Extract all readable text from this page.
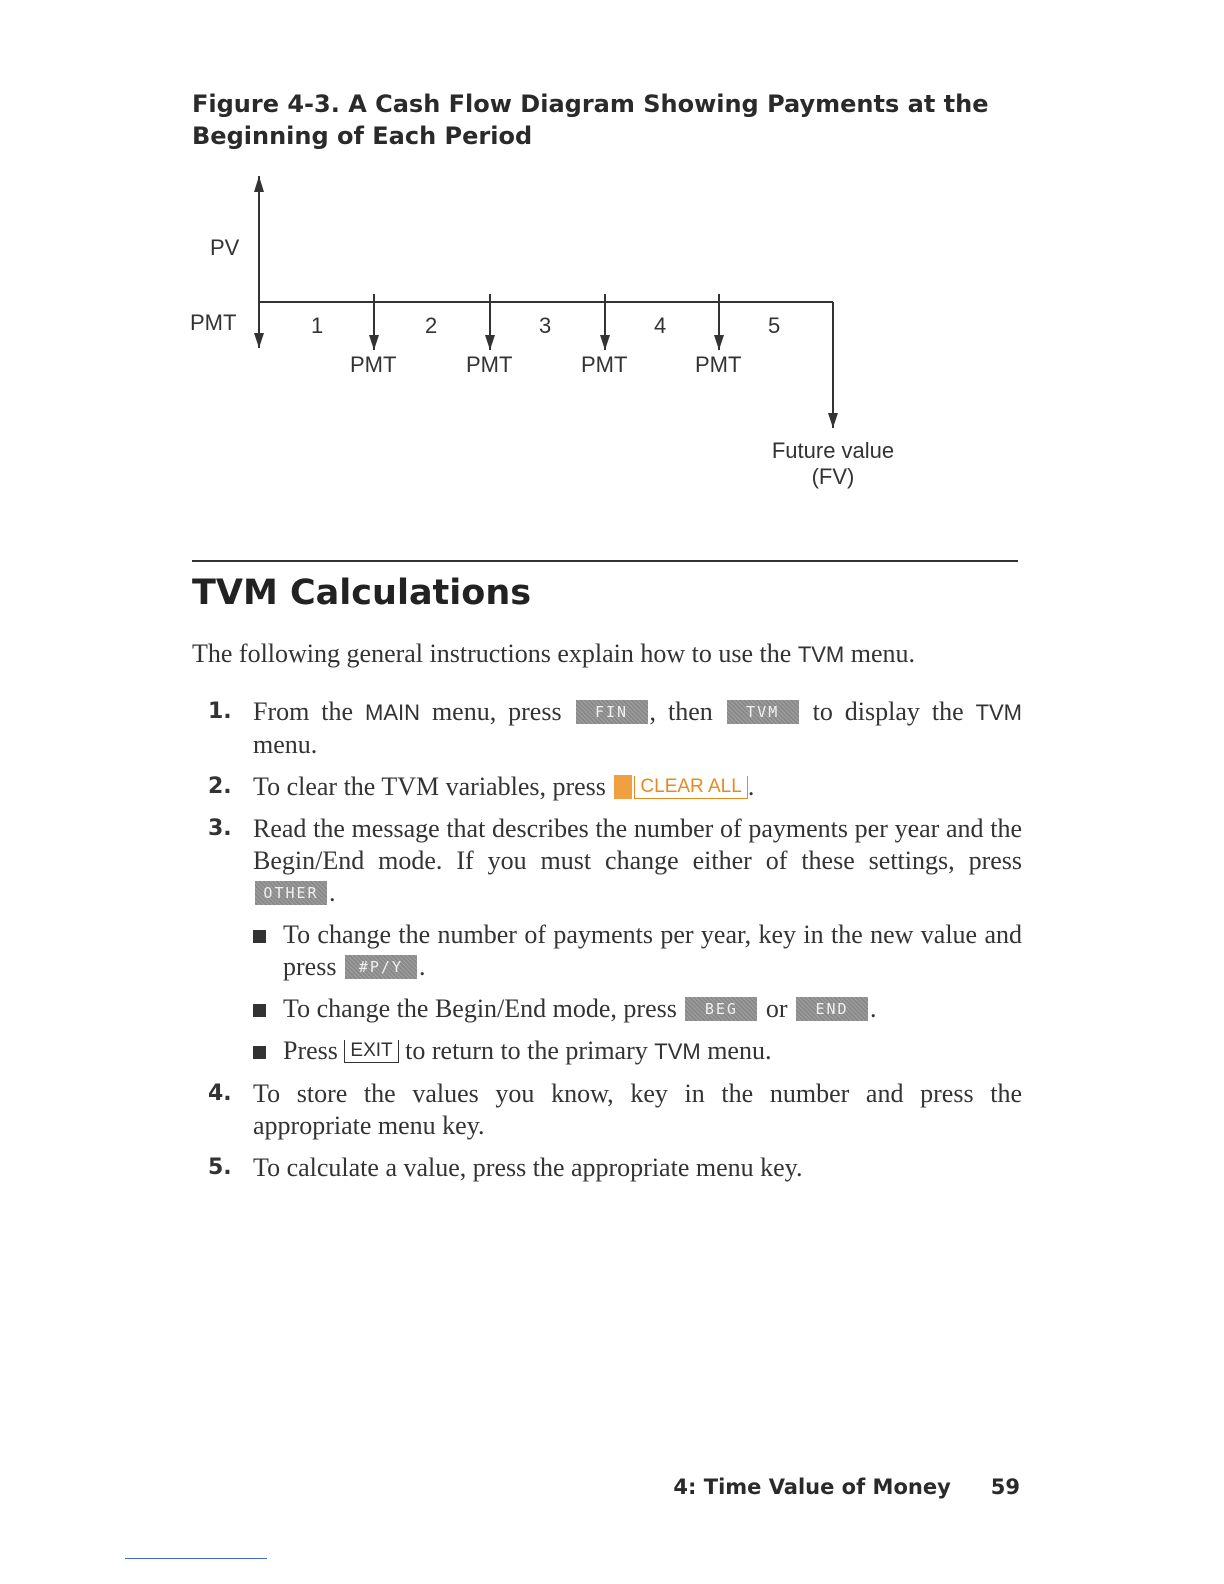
Figure 4-3. A Cash Flow Diagram Showing Payments at the Beginning of Each Period
PV
PMT	1	2	3	4	5
PMT	PMT	PMT	PMT
Future value
(FV)
TVM Calculations

The following general instructions explain how to use the TVM menu.

1. From the MAIN menu, press FIN , then TVM to display the TVM menu.

2. To clear the TVM variables, press CLEAR ALL .

3. Read the message that describes the number of payments per year and the Begin/End mode. If you must change either of these settings, press OTHER .

To change the number of payments per year, key in the new value and press #P/Y .

To change the Begin/End mode, press BEG or END .

Press EXIT to return to the primary TVM menu.

4. To store the values you know, key in the number and press the appropriate menu key.

5. To calculate a value, press the appropriate menu key.

4: Time Value of Money 59
